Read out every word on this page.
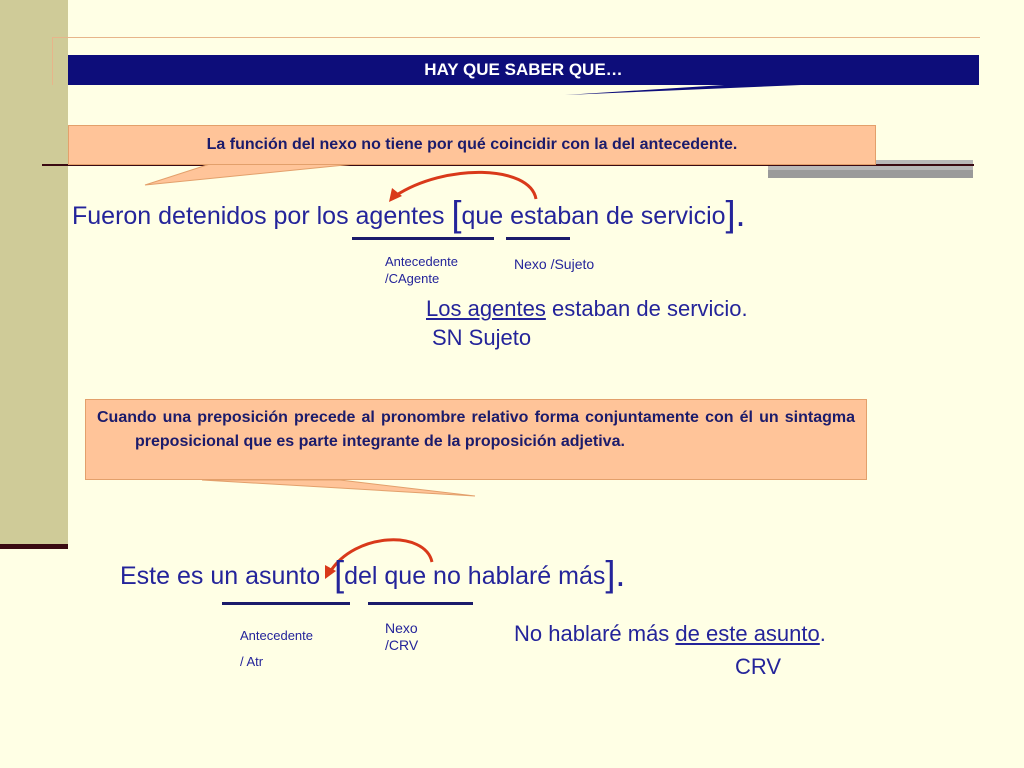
HAY QUE SABER QUE…
La función del nexo no tiene por qué coincidir con la del antecedente.
Fueron detenidos por los agentes [que estaban de servicio].
Antecedente
/CAgente
Nexo /Sujeto
Los agentes estaban de servicio.
SN Sujeto
Cuando una preposición precede al pronombre relativo forma conjuntamente con él un sintagma preposicional que es parte integrante de la proposición adjetiva.
Este es un asunto [del que no hablaré más].
Antecedente
/ Atr
Nexo
/CRV	No hablaré más de este asunto.
CRV
